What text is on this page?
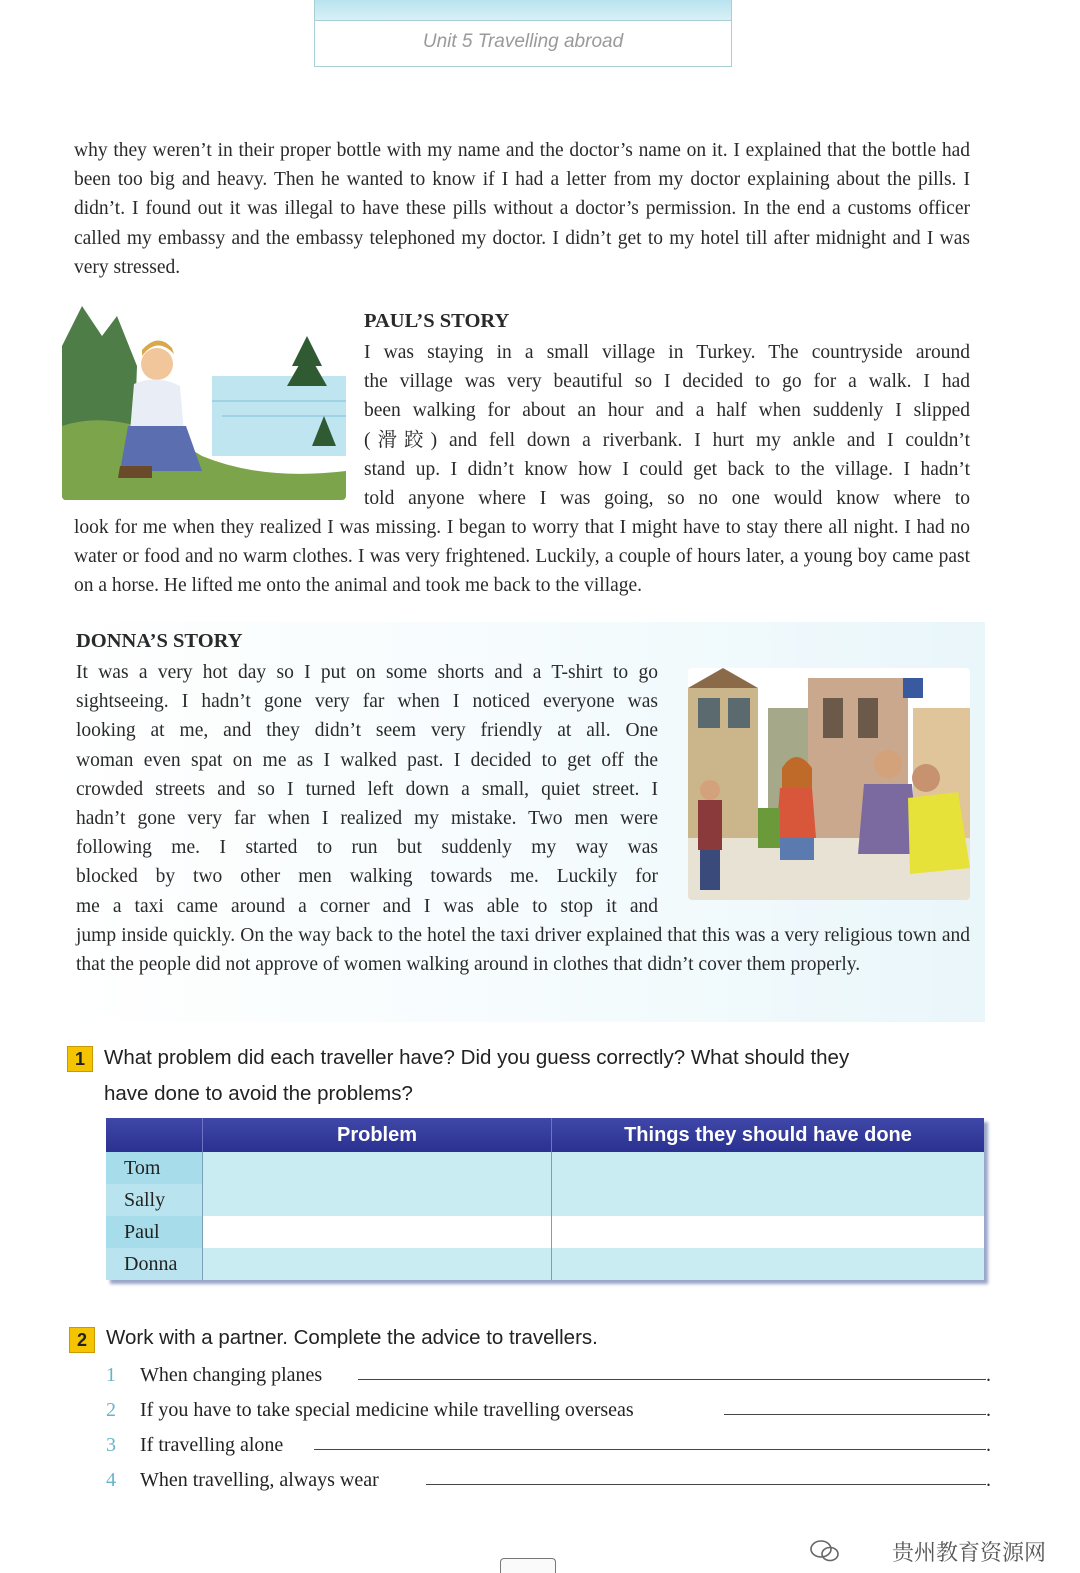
Unit 5 Travelling abroad

why they weren’t in their proper bottle with my name and the doctor’s name on it. I explained that the bottle had been too big and heavy. Then he wanted to know if I had a letter from my doctor explaining about the pills. I didn’t. I found out it was illegal to have these pills without a doctor’s permission. In the end a customs officer called my embassy and the embassy telephoned my doctor. I didn’t get to my hotel till after midnight and I was very stressed.

PAUL’S STORY

I was staying in a small village in Turkey. The countryside around

the village was very beautiful so I decided to go for a walk. I had

been walking for about an hour and a half when suddenly I slipped

(滑跤) and fell down a riverbank. I hurt my ankle and I couldn’t

stand up. I didn’t know how I could get back to the village. I hadn’t

told anyone where I was going, so no one would know where to

look for me when they realized I was missing. I began to worry that I might have to stay there all night. I had no water or food and no warm clothes. I was very frightened. Luckily, a couple of hours later, a young boy came past on a horse. He lifted me onto the animal and took me back to the village.

DONNA’S STORY

It was a very hot day so I put on some shorts and a T-shirt to go

sightseeing. I hadn’t gone very far when I noticed everyone was

looking at me, and they didn’t seem very friendly at all. One

woman even spat on me as I walked past. I decided to get off the

crowded streets and so I turned left down a small, quiet street. I

hadn’t gone very far when I realized my mistake. Two men were

following me. I started to run but suddenly my way was

blocked by two other men walking towards me. Luckily for

me a taxi came around a corner and I was able to stop it and

jump inside quickly. On the way back to the hotel the taxi driver explained that this was a very religious town and that the people did not approve of women walking around in clothes that didn’t cover them properly.

1 What problem did each traveller have? Did you guess correctly? What should they
have done to avoid the problems?
	Problem	Things they should have done
Tom		
Sally		
Paul		
Donna		
2 Work with a partner. Complete the advice to travellers.
1 When changing planes	.
2 If you have to take special medicine while travelling overseas	.
3 If travelling alone	.
4 When travelling, always wear	.
贵州教育资源网
